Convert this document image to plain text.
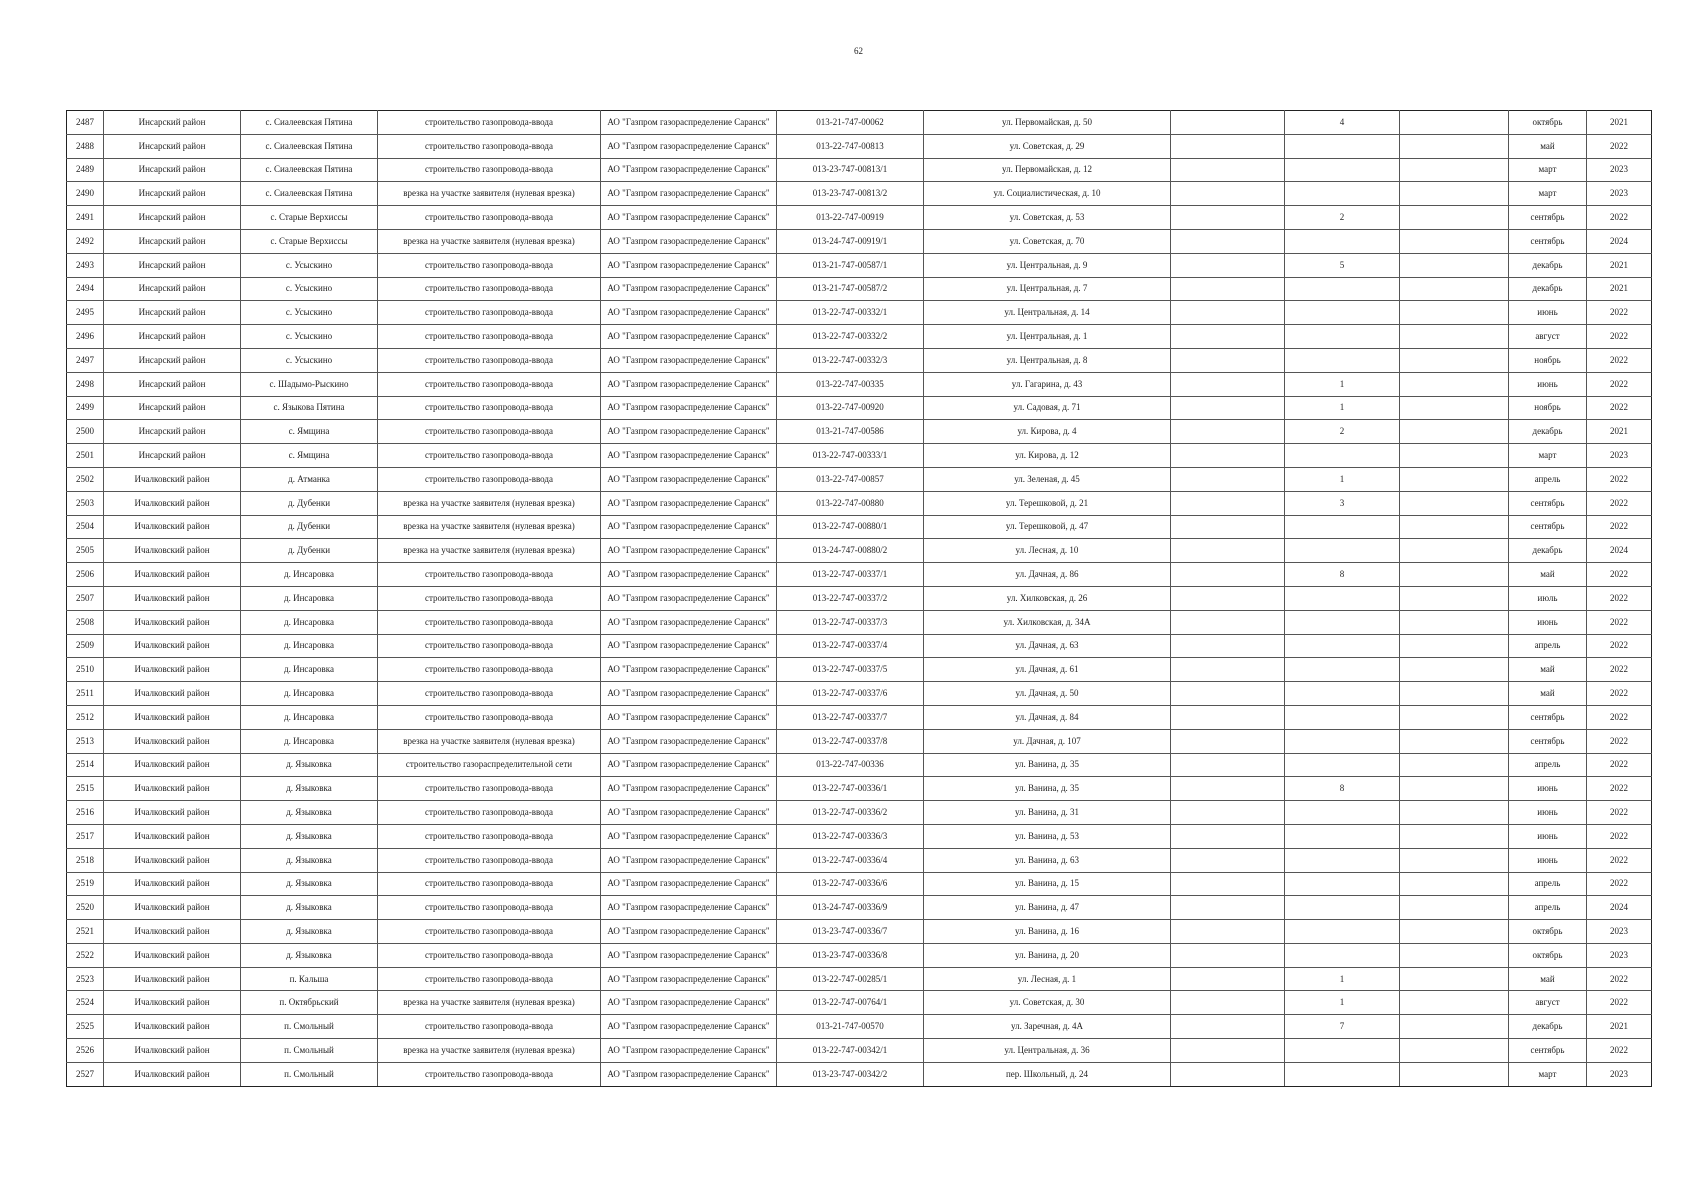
62
2487	Инсарский район	с. Сиалеевская Пятина	строительство газопровода-ввода	АО "Газпром газораспределение Саранск"	013-21-747-00062	ул. Первомайская, д. 50		4		октябрь	2021
2488	Инсарский район	с. Сиалеевская Пятина	строительство газопровода-ввода	АО "Газпром газораспределение Саранск"	013-22-747-00813	ул. Советская, д. 29				май	2022
2489	Инсарский район	с. Сиалеевская Пятина	строительство газопровода-ввода	АО "Газпром газораспределение Саранск"	013-23-747-00813/1	ул. Первомайская, д. 12				март	2023
2490	Инсарский район	с. Сиалеевская Пятина	врезка на участке заявителя (нулевая врезка)	АО "Газпром газораспределение Саранск"	013-23-747-00813/2	ул. Социалистическая, д. 10				март	2023
2491	Инсарский район	с. Старые Верхиссы	строительство газопровода-ввода	АО "Газпром газораспределение Саранск"	013-22-747-00919	ул. Советская, д. 53		2		сентябрь	2022
2492	Инсарский район	с. Старые Верхиссы	врезка на участке заявителя (нулевая врезка)	АО "Газпром газораспределение Саранск"	013-24-747-00919/1	ул. Советская, д. 70				сентябрь	2024
2493	Инсарский район	с. Усыскино	строительство газопровода-ввода	АО "Газпром газораспределение Саранск"	013-21-747-00587/1	ул. Центральная, д. 9		5		декабрь	2021
2494	Инсарский район	с. Усыскино	строительство газопровода-ввода	АО "Газпром газораспределение Саранск"	013-21-747-00587/2	ул. Центральная, д. 7				декабрь	2021
2495	Инсарский район	с. Усыскино	строительство газопровода-ввода	АО "Газпром газораспределение Саранск"	013-22-747-00332/1	ул. Центральная, д. 14				июнь	2022
2496	Инсарский район	с. Усыскино	строительство газопровода-ввода	АО "Газпром газораспределение Саранск"	013-22-747-00332/2	ул. Центральная, д. 1				август	2022
2497	Инсарский район	с. Усыскино	строительство газопровода-ввода	АО "Газпром газораспределение Саранск"	013-22-747-00332/3	ул. Центральная, д. 8				ноябрь	2022
2498	Инсарский район	с. Шадымо-Рыскино	строительство газопровода-ввода	АО "Газпром газораспределение Саранск"	013-22-747-00335	ул. Гагарина, д. 43		1		июнь	2022
2499	Инсарский район	с. Языкова Пятина	строительство газопровода-ввода	АО "Газпром газораспределение Саранск"	013-22-747-00920	ул. Садовая, д. 71		1		ноябрь	2022
2500	Инсарский район	с. Ямщина	строительство газопровода-ввода	АО "Газпром газораспределение Саранск"	013-21-747-00586	ул. Кирова, д. 4		2		декабрь	2021
2501	Инсарский район	с. Ямщина	строительство газопровода-ввода	АО "Газпром газораспределение Саранск"	013-22-747-00333/1	ул. Кирова, д. 12				март	2023
2502	Ичалковский район	д. Атманка	строительство газопровода-ввода	АО "Газпром газораспределение Саранск"	013-22-747-00857	ул. Зеленая, д. 45		1		апрель	2022
2503	Ичалковский район	д. Дубенки	врезка на участке заявителя (нулевая врезка)	АО "Газпром газораспределение Саранск"	013-22-747-00880	ул. Терешковой, д. 21		3		сентябрь	2022
2504	Ичалковский район	д. Дубенки	врезка на участке заявителя (нулевая врезка)	АО "Газпром газораспределение Саранск"	013-22-747-00880/1	ул. Терешковой, д. 47				сентябрь	2022
2505	Ичалковский район	д. Дубенки	врезка на участке заявителя (нулевая врезка)	АО "Газпром газораспределение Саранск"	013-24-747-00880/2	ул. Лесная, д. 10				декабрь	2024
2506	Ичалковский район	д. Инсаровка	строительство газопровода-ввода	АО "Газпром газораспределение Саранск"	013-22-747-00337/1	ул. Дачная, д. 86		8		май	2022
2507	Ичалковский район	д. Инсаровка	строительство газопровода-ввода	АО "Газпром газораспределение Саранск"	013-22-747-00337/2	ул. Хилковская, д. 26				июль	2022
2508	Ичалковский район	д. Инсаровка	строительство газопровода-ввода	АО "Газпром газораспределение Саранск"	013-22-747-00337/3	ул. Хилковская, д. 34А				июнь	2022
2509	Ичалковский район	д. Инсаровка	строительство газопровода-ввода	АО "Газпром газораспределение Саранск"	013-22-747-00337/4	ул. Дачная, д. 63				апрель	2022
2510	Ичалковский район	д. Инсаровка	строительство газопровода-ввода	АО "Газпром газораспределение Саранск"	013-22-747-00337/5	ул. Дачная, д. 61				май	2022
2511	Ичалковский район	д. Инсаровка	строительство газопровода-ввода	АО "Газпром газораспределение Саранск"	013-22-747-00337/6	ул. Дачная, д. 50				май	2022
2512	Ичалковский район	д. Инсаровка	строительство газопровода-ввода	АО "Газпром газораспределение Саранск"	013-22-747-00337/7	ул. Дачная, д. 84				сентябрь	2022
2513	Ичалковский район	д. Инсаровка	врезка на участке заявителя (нулевая врезка)	АО "Газпром газораспределение Саранск"	013-22-747-00337/8	ул. Дачная, д. 107				сентябрь	2022
2514	Ичалковский район	д. Языковка	строительство газораспределительной сети	АО "Газпром газораспределение Саранск"	013-22-747-00336	ул. Ванина, д. 35				апрель	2022
2515	Ичалковский район	д. Языковка	строительство газопровода-ввода	АО "Газпром газораспределение Саранск"	013-22-747-00336/1	ул. Ванина, д. 35		8		июнь	2022
2516	Ичалковский район	д. Языковка	строительство газопровода-ввода	АО "Газпром газораспределение Саранск"	013-22-747-00336/2	ул. Ванина, д. 31				июнь	2022
2517	Ичалковский район	д. Языковка	строительство газопровода-ввода	АО "Газпром газораспределение Саранск"	013-22-747-00336/3	ул. Ванина, д. 53				июнь	2022
2518	Ичалковский район	д. Языковка	строительство газопровода-ввода	АО "Газпром газораспределение Саранск"	013-22-747-00336/4	ул. Ванина, д. 63				июнь	2022
2519	Ичалковский район	д. Языковка	строительство газопровода-ввода	АО "Газпром газораспределение Саранск"	013-22-747-00336/6	ул. Ванина, д. 15				апрель	2022
2520	Ичалковский район	д. Языковка	строительство газопровода-ввода	АО "Газпром газораспределение Саранск"	013-24-747-00336/9	ул. Ванина, д. 47				апрель	2024
2521	Ичалковский район	д. Языковка	строительство газопровода-ввода	АО "Газпром газораспределение Саранск"	013-23-747-00336/7	ул. Ванина, д. 16				октябрь	2023
2522	Ичалковский район	д. Языковка	строительство газопровода-ввода	АО "Газпром газораспределение Саранск"	013-23-747-00336/8	ул. Ванина, д. 20				октябрь	2023
2523	Ичалковский район	п. Кальша	строительство газопровода-ввода	АО "Газпром газораспределение Саранск"	013-22-747-00285/1	ул. Лесная, д. 1		1		май	2022
2524	Ичалковский район	п. Октябрьский	врезка на участке заявителя (нулевая врезка)	АО "Газпром газораспределение Саранск"	013-22-747-00764/1	ул. Советская, д. 30		1		август	2022
2525	Ичалковский район	п. Смольный	строительство газопровода-ввода	АО "Газпром газораспределение Саранск"	013-21-747-00570	ул. Заречная, д. 4А		7		декабрь	2021
2526	Ичалковский район	п. Смольный	врезка на участке заявителя (нулевая врезка)	АО "Газпром газораспределение Саранск"	013-22-747-00342/1	ул. Центральная, д. 36				сентябрь	2022
2527	Ичалковский район	п. Смольный	строительство газопровода-ввода	АО "Газпром газораспределение Саранск"	013-23-747-00342/2	пер. Школьный, д. 24				март	2023
